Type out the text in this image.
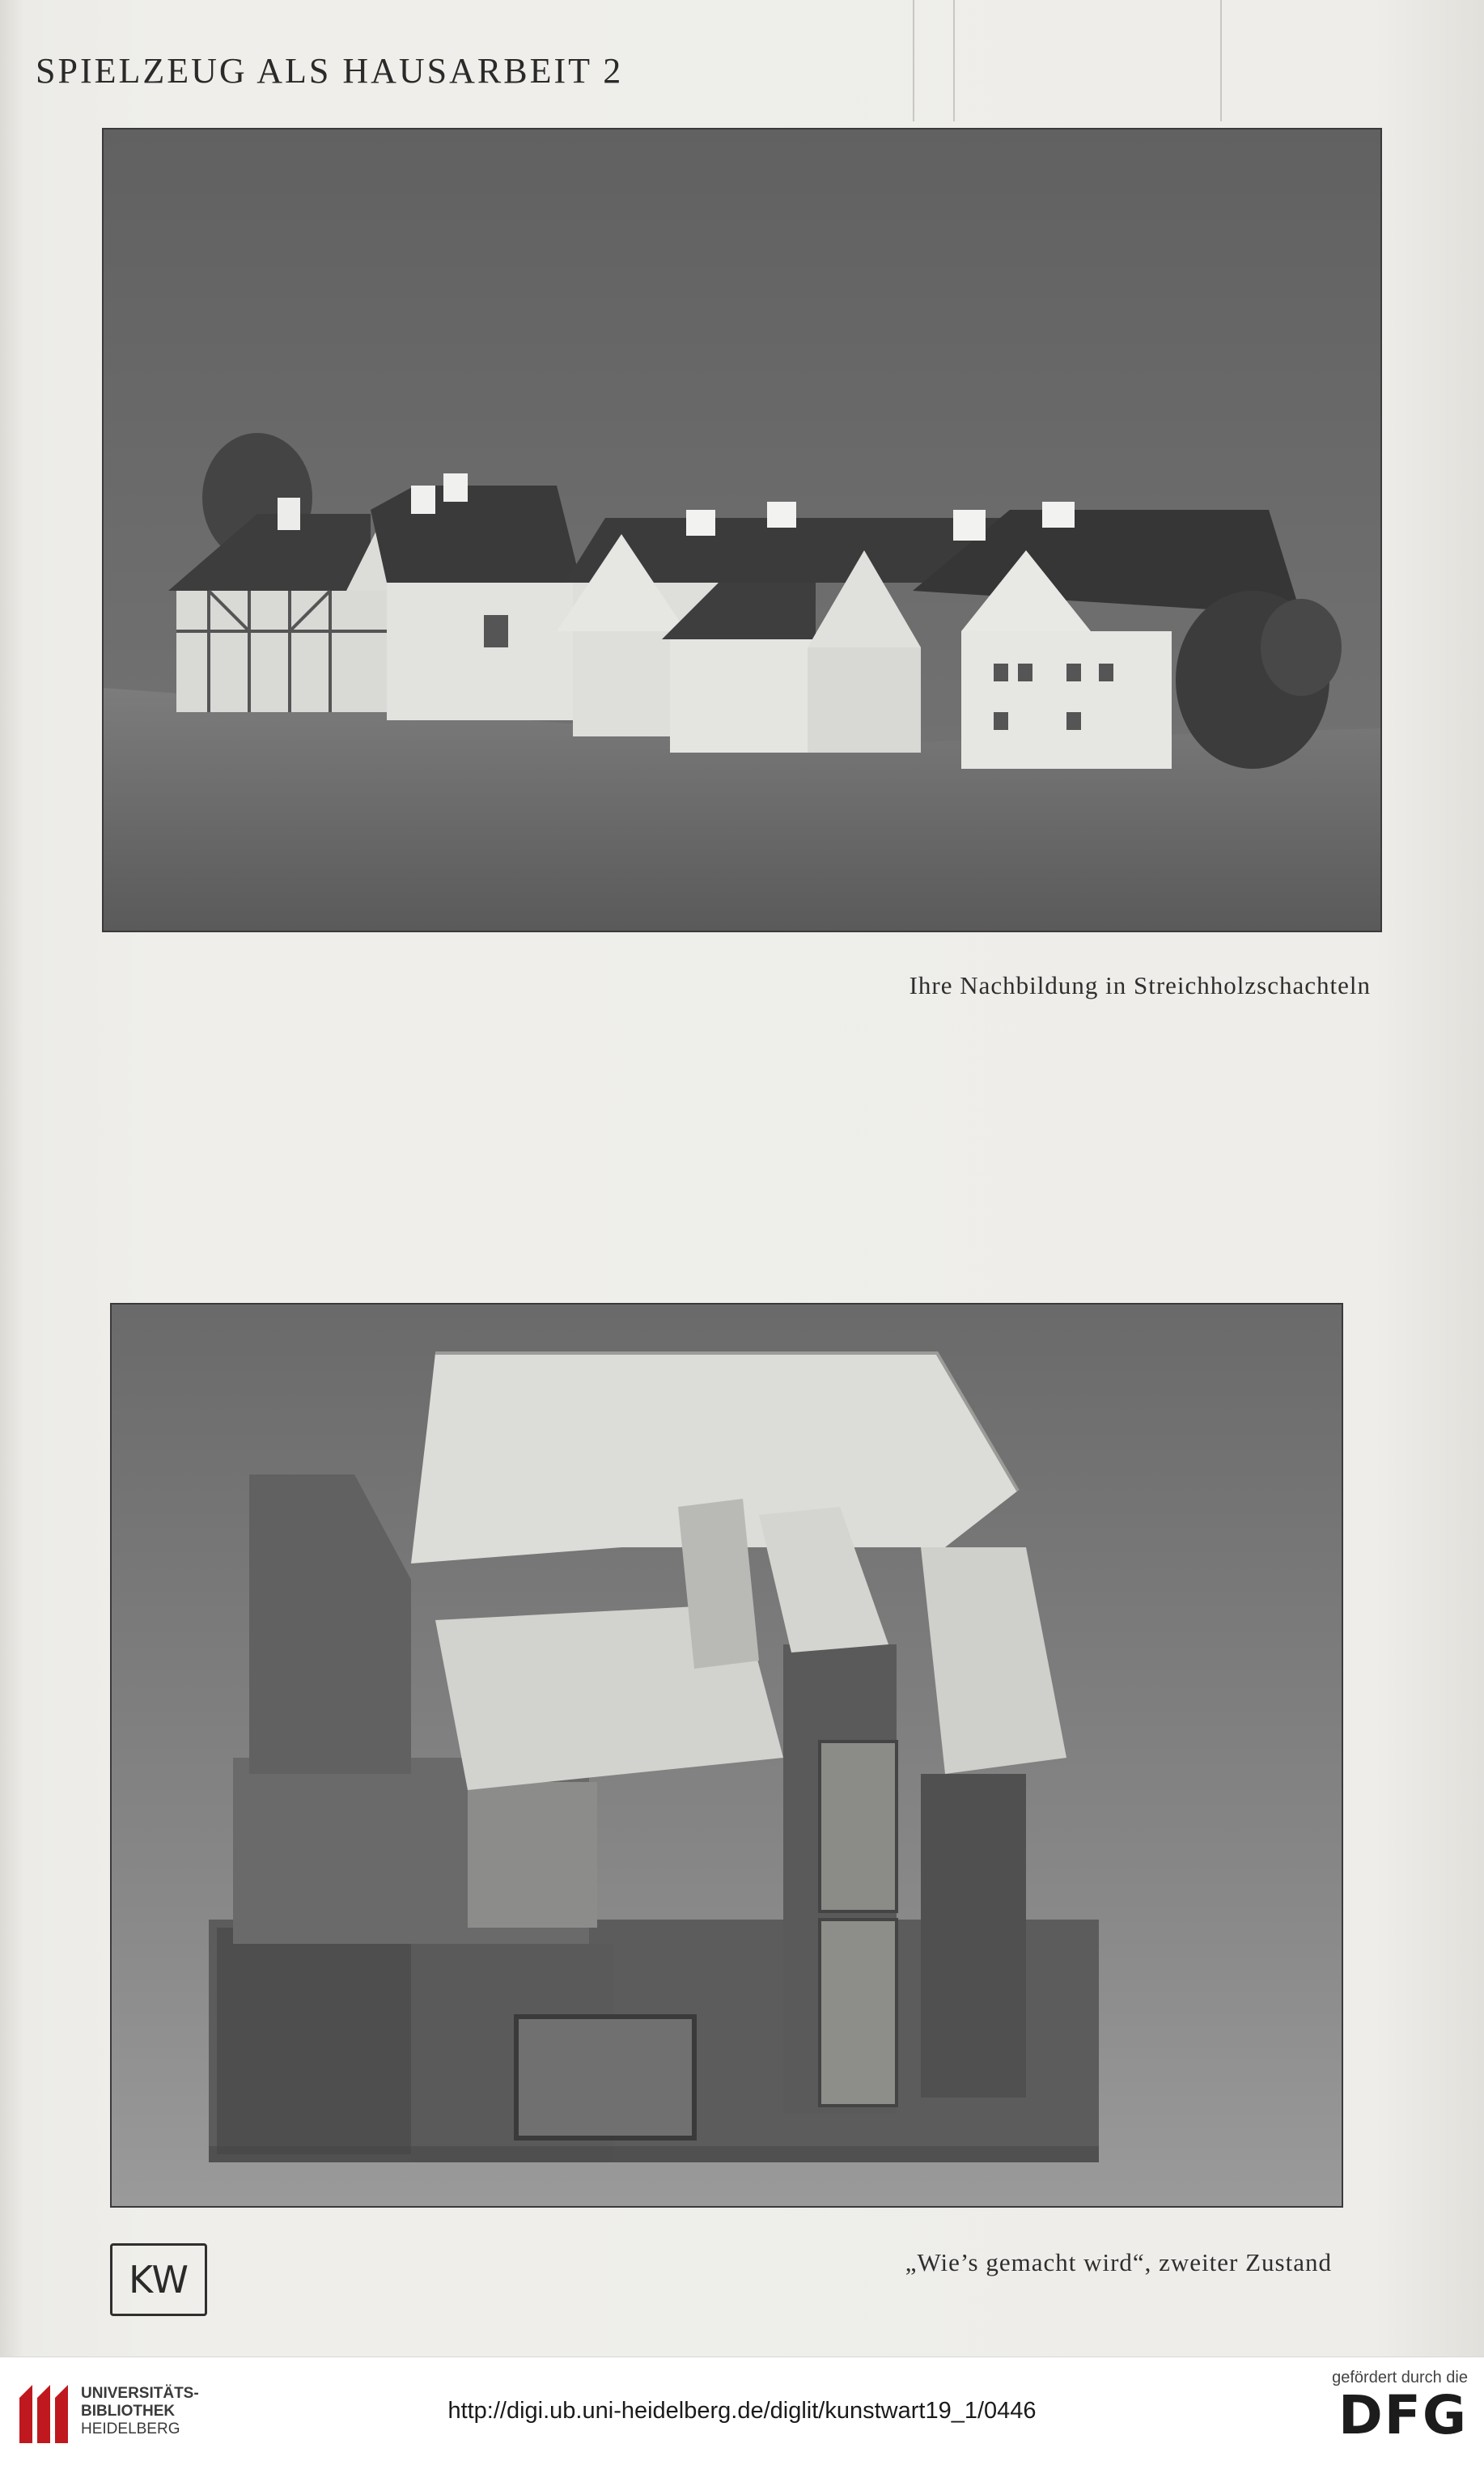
SPIELZEUG ALS HAUSARBEIT 2
Ihre Nachbildung in Streichholzschachteln
„Wie’s gemacht wird“, zweiter Zustand
KW
UNIVERSITÄTS-
BIBLIOTHEK
HEIDELBERG
http://digi.ub.uni-heidelberg.de/diglit/kunstwart19_1/0446
gefördert durch die
DFG
